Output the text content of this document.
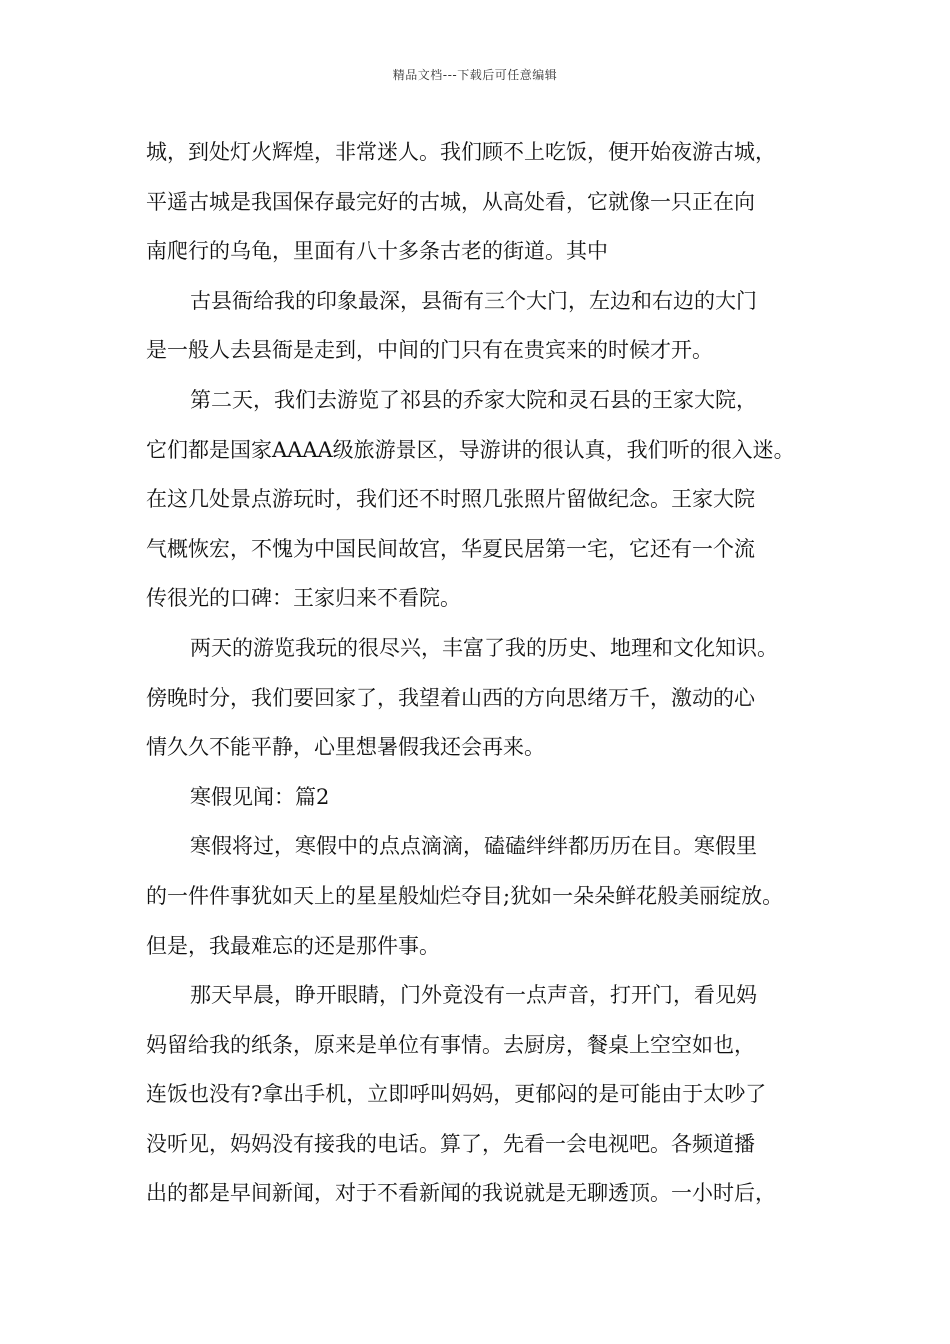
精品文档---下载后可任意编辑
城，到处灯火辉煌，非常迷人。我们顾不上吃饭，便开始夜游古城，
平遥古城是我国保存最完好的古城，从高处看，它就像一只正在向
南爬行的乌龟，里面有八十多条古老的街道。其中
古县衙给我的印象最深，县衙有三个大门，左边和右边的大门
是一般人去县衙是走到，中间的门只有在贵宾来的时候才开。
第二天，我们去游览了祁县的乔家大院和灵石县的王家大院，
它们都是国家AAAA级旅游景区，导游讲的很认真，我们听的很入迷。
在这几处景点游玩时，我们还不时照几张照片留做纪念。王家大院
气概恢宏，不愧为中国民间故宫，华夏民居第一宅，它还有一个流
传很光的口碑：王家归来不看院。
两天的游览我玩的很尽兴，丰富了我的历史、地理和文化知识。
傍晚时分，我们要回家了，我望着山西的方向思绪万千，激动的心
情久久不能平静，心里想暑假我还会再来。
寒假见闻：篇2
寒假将过，寒假中的点点滴滴，磕磕绊绊都历历在目。寒假里
的一件件事犹如天上的星星般灿烂夺目;犹如一朵朵鲜花般美丽绽放。
但是，我最难忘的还是那件事。
那天早晨，睁开眼睛，门外竟没有一点声音，打开门，看见妈
妈留给我的纸条，原来是单位有事情。去厨房，餐桌上空空如也，
连饭也没有?拿出手机，立即呼叫妈妈，更郁闷的是可能由于太吵了
没听见，妈妈没有接我的电话。算了，先看一会电视吧。各频道播
出的都是早间新闻，对于不看新闻的我说就是无聊透顶。一小时后，
